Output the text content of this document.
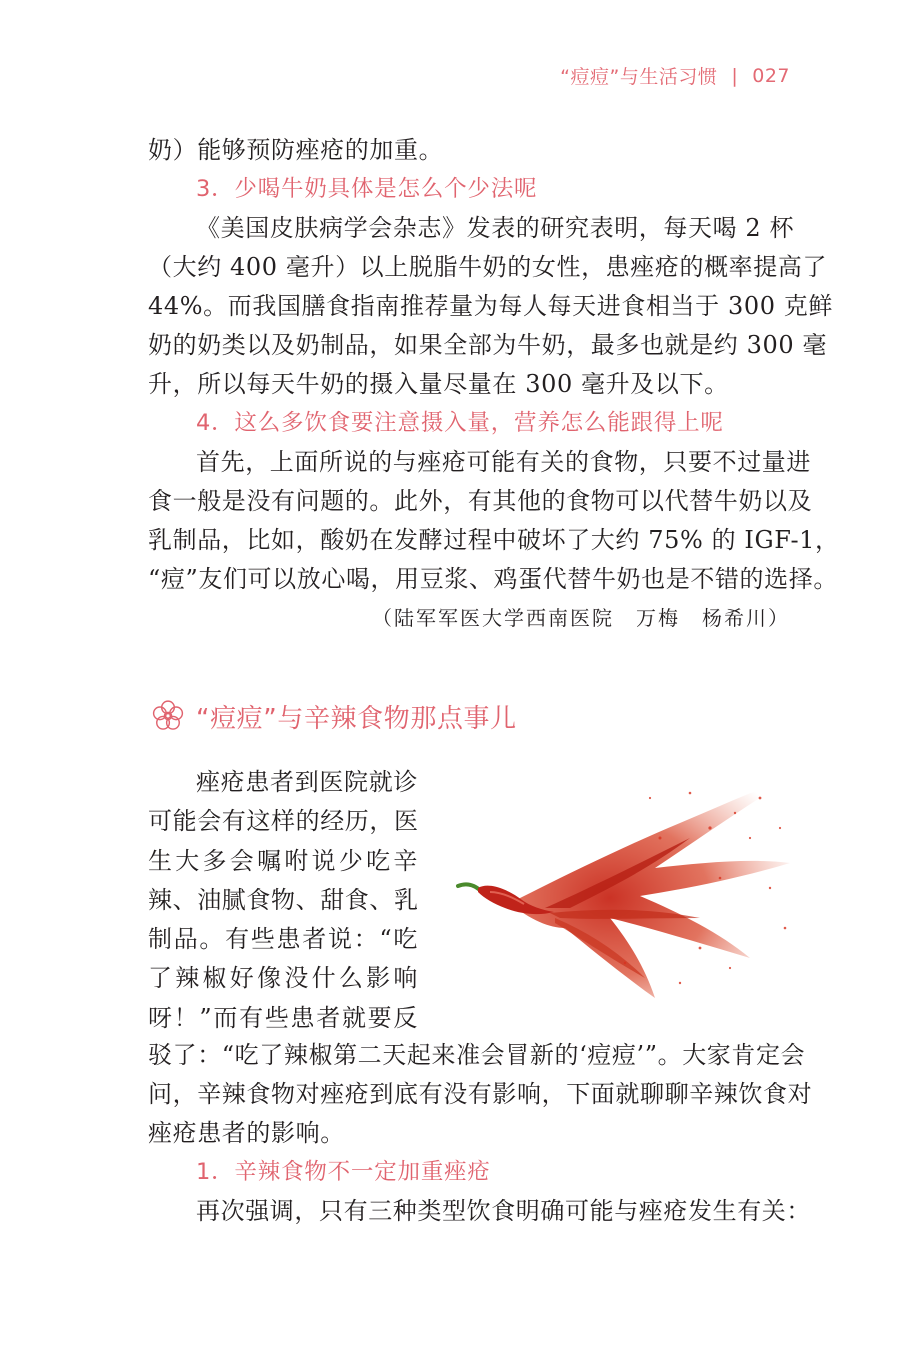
“痘痘”与生活习惯 | 027
奶）能够预防痤疮的加重。
3．少喝牛奶具体是怎么个少法呢
《美国皮肤病学会杂志》发表的研究表明，每天喝 2 杯
（大约 400 毫升）以上脱脂牛奶的女性，患痤疮的概率提高了
44%。而我国膳食指南推荐量为每人每天进食相当于 300 克鲜
奶的奶类以及奶制品，如果全部为牛奶，最多也就是约 300 毫
升，所以每天牛奶的摄入量尽量在 300 毫升及以下。
4．这么多饮食要注意摄入量，营养怎么能跟得上呢
首先，上面所说的与痤疮可能有关的食物，只要不过量进
食一般是没有问题的。此外，有其他的食物可以代替牛奶以及
乳制品，比如，酸奶在发酵过程中破坏了大约 75% 的 IGF-1，
“痘”友们可以放心喝，用豆浆、鸡蛋代替牛奶也是不错的选择。
（陆军军医大学西南医院　万梅　杨希川）
“痘痘”与辛辣食物那点事儿
痤疮患者到医院就诊
可能会有这样的经历，医
生大多会嘱咐说少吃辛
辣、油腻食物、甜食、乳
制品。有些患者说：“吃
了辣椒好像没什么影响
呀！”而有些患者就要反
驳了：“吃了辣椒第二天起来准会冒新的‘痘痘’”。大家肯定会
问，辛辣食物对痤疮到底有没有影响，下面就聊聊辛辣饮食对
痤疮患者的影响。
1．辛辣食物不一定加重痤疮
再次强调，只有三种类型饮食明确可能与痤疮发生有关：
